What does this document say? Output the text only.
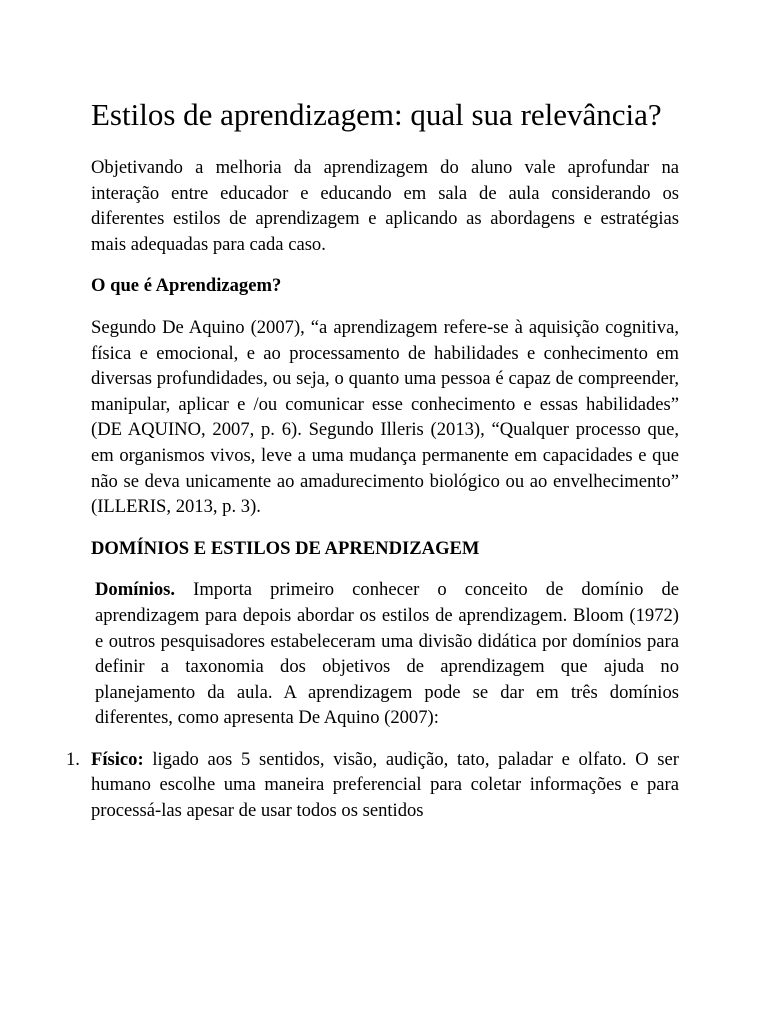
Estilos de aprendizagem: qual sua relevância?

Objetivando a melhoria da aprendizagem do aluno vale aprofundar na interação entre educador e educando em sala de aula considerando os diferentes estilos de aprendizagem e aplicando as abordagens e estratégias mais adequadas para cada caso.

O que é Aprendizagem?

Segundo De Aquino (2007), “a aprendizagem refere-se à aquisição cognitiva, física e emocional, e ao processamento de habilidades e conhecimento em diversas profundidades, ou seja, o quanto uma pessoa é capaz de compreender, manipular, aplicar e /ou comunicar esse conhecimento e essas habilidades” (DE AQUINO, 2007, p. 6). Segundo Illeris (2013), “Qualquer processo que, em organismos vivos, leve a uma mudança permanente em capacidades e que não se deva unicamente ao amadurecimento biológico ou ao envelhecimento” (ILLERIS, 2013, p. 3).

DOMÍNIOS E ESTILOS DE APRENDIZAGEM

Domínios. Importa primeiro conhecer o conceito de domínio de aprendizagem para depois abordar os estilos de aprendizagem. Bloom (1972) e outros pesquisadores estabeleceram uma divisão didática por domínios para definir a taxonomia dos objetivos de aprendizagem que ajuda no planejamento da aula. A aprendizagem pode se dar em três domínios diferentes, como apresenta De Aquino (2007):

1. Físico: ligado aos 5 sentidos, visão, audição, tato, paladar e olfato. O ser humano escolhe uma maneira preferencial para coletar informações e para processá-las apesar de usar todos os sentidos
